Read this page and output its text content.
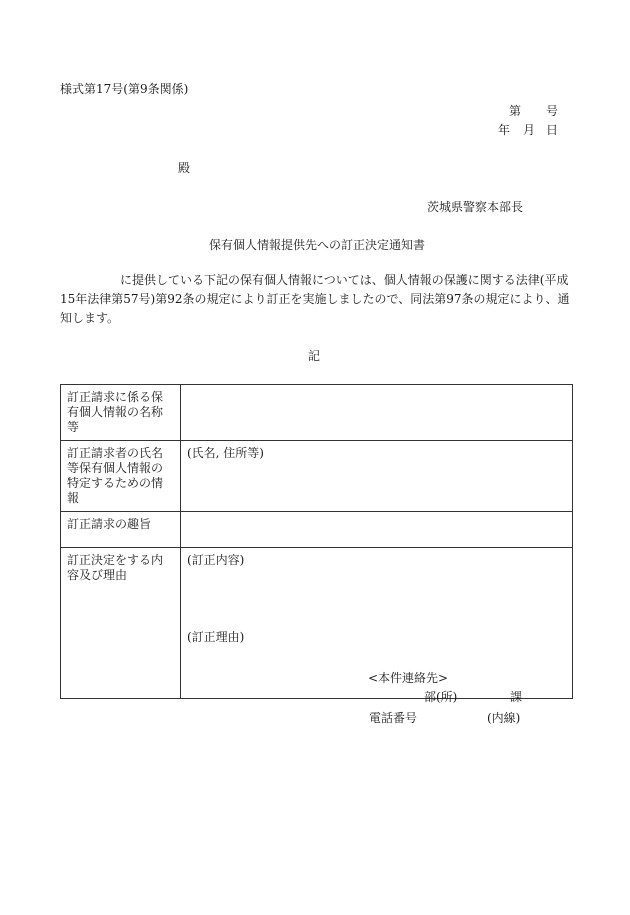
様式第17号(第9条関係)
第 号
年 月 日
殿
茨城県警察本部長
保有個人情報提供先への訂正決定通知書
に提供している下記の保有個人情報については、個人情報の保護に関する法律(平成15年法律第57号)第92条の規定により訂正を実施しましたので、同法第97条の規定により、通知します。
記
訂正請求に係る保有個人情報の名称等	
訂正請求者の氏名等保有個人情報の特定するための情報	(氏名, 住所等)
訂正請求の趣旨	
訂正決定をする内容及び理由	(訂正内容)
(訂正理由)
<本件連絡先>
部(所)	課
電話番号	(内線)
